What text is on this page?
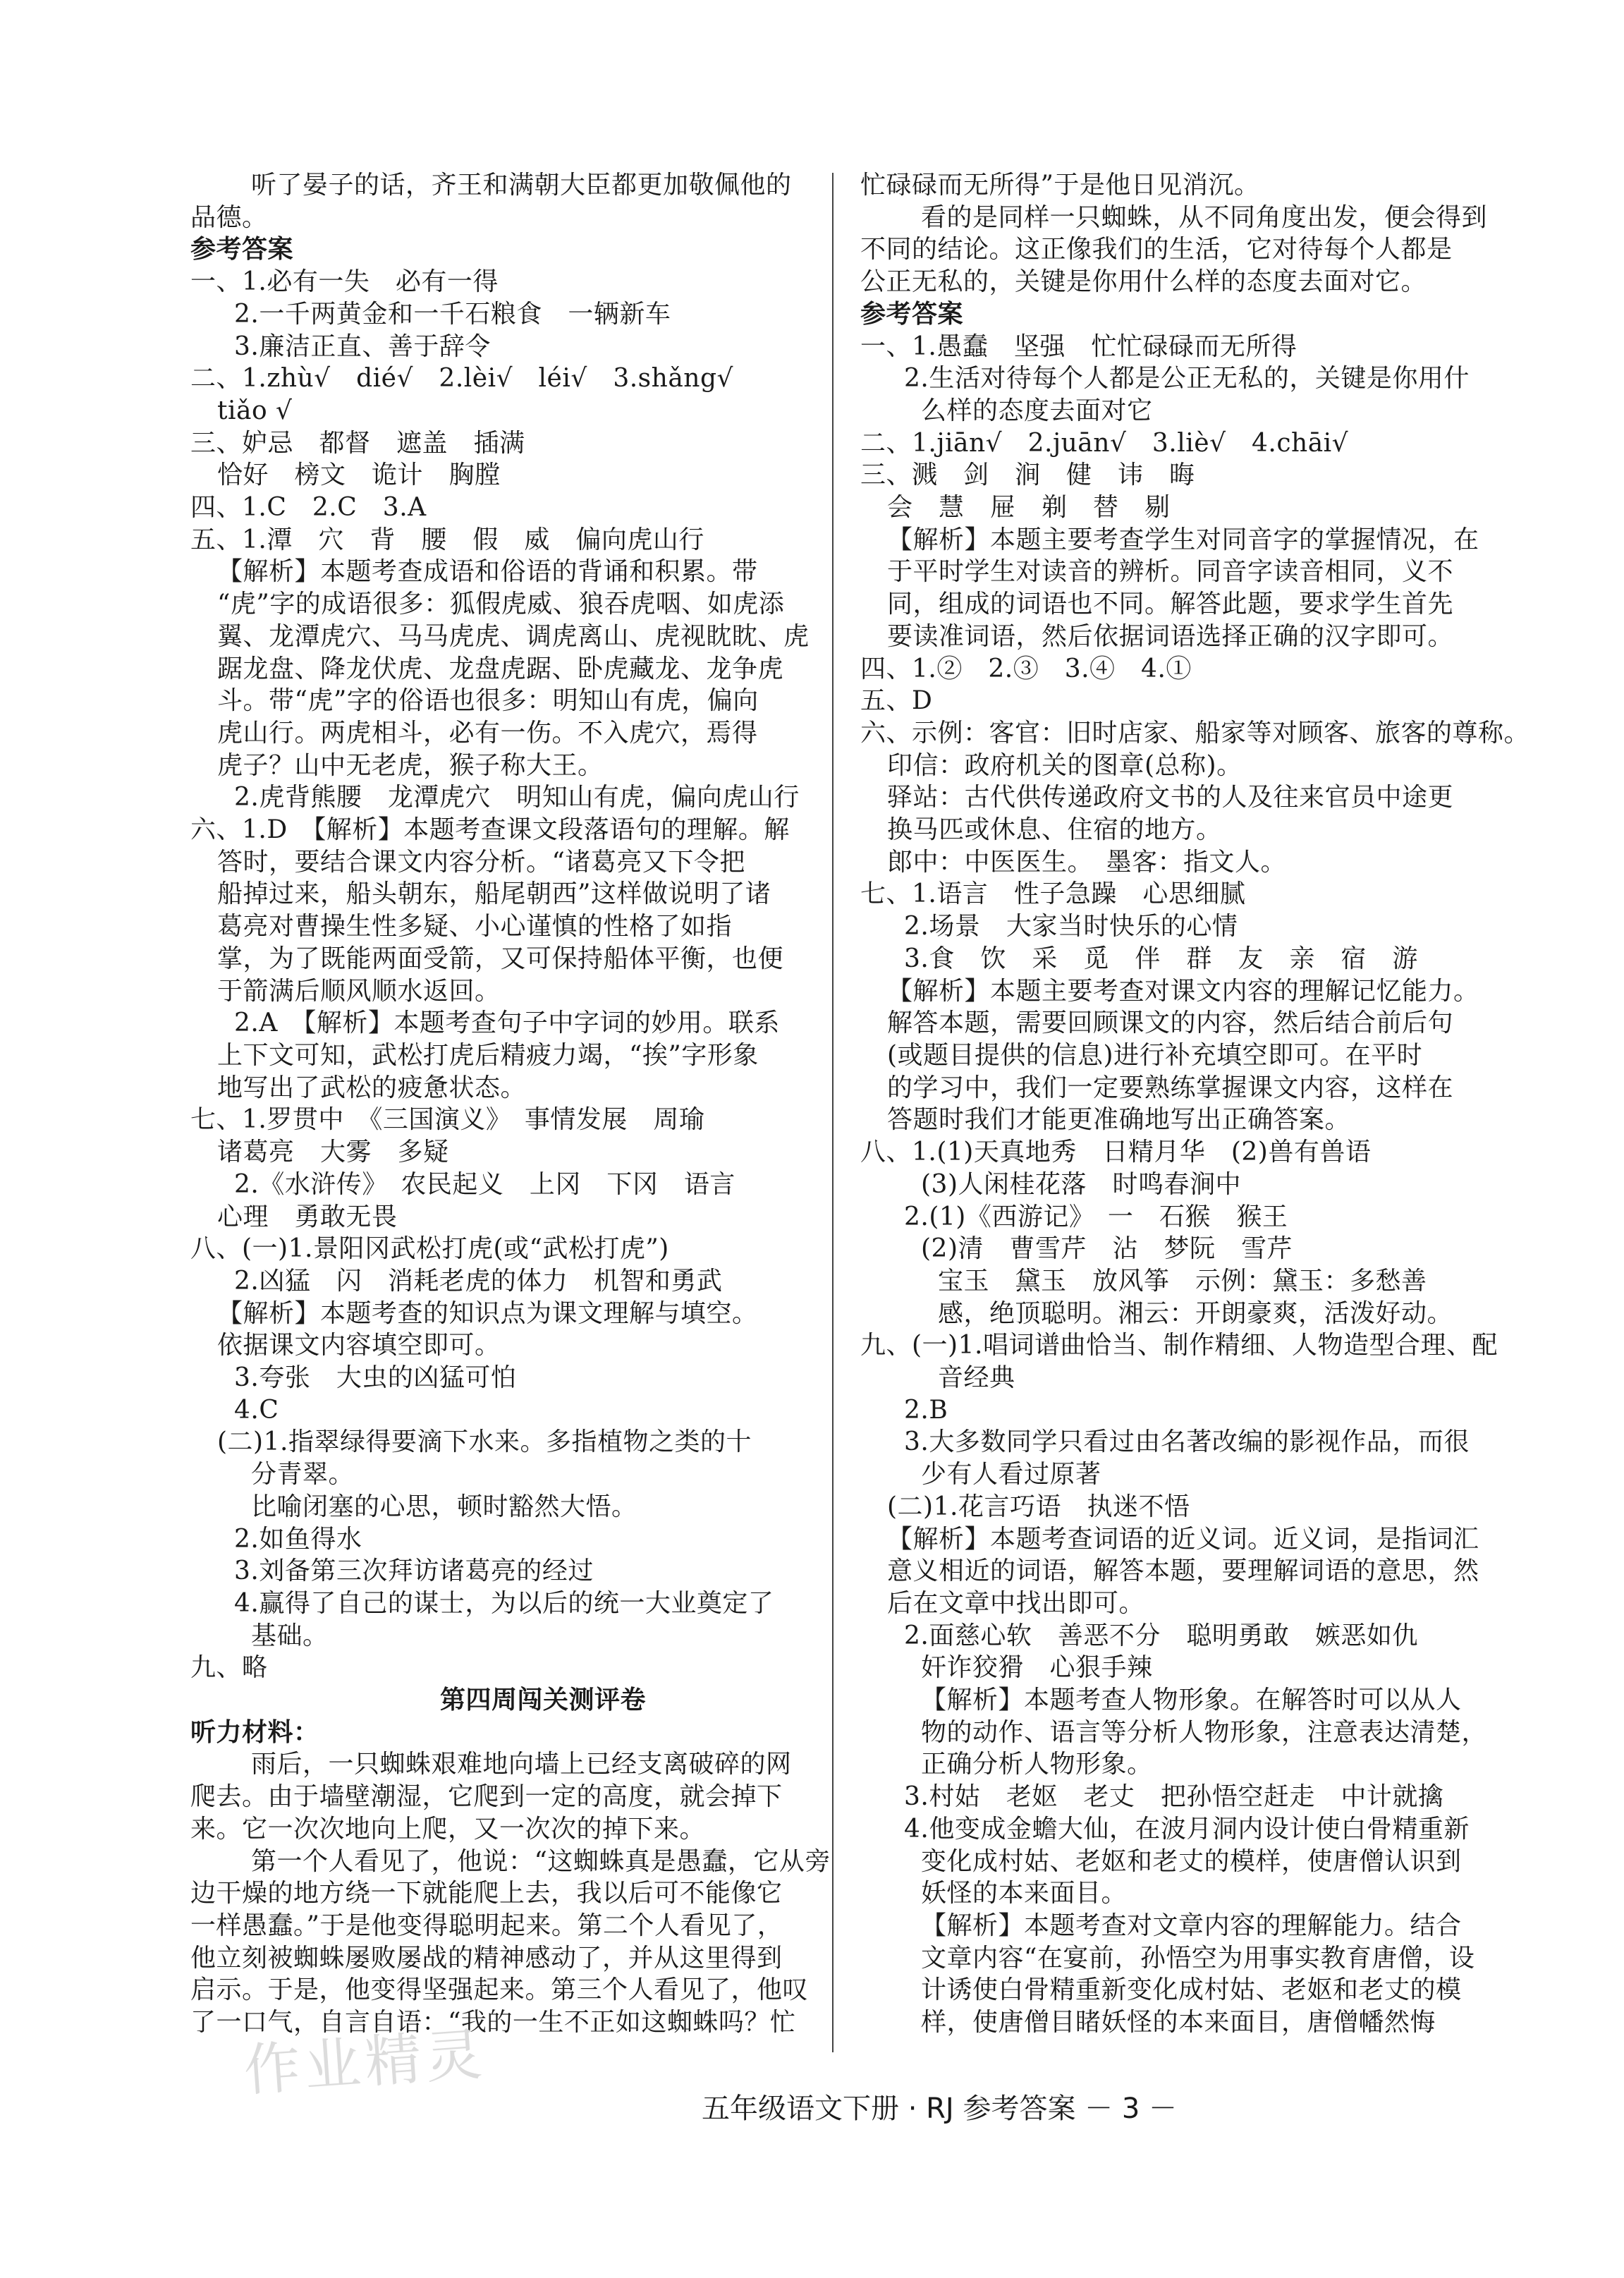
听了晏子的话，齐王和满朝大臣都更加敬佩他的
品德。
参考答案
一、1.必有一失　必有一得
2.一千两黄金和一千石粮食　一辆新车
3.廉洁正直、善于辞令
二、1.zhù√　dié√　2.lèi√　léi√　3.shǎng√
tiǎo √
三、妒忌　都督　遮盖　插满
恰好　榜文　诡计　胸膛
四、1.C　2.C　3.A
五、1.潭　穴　背　腰　假　威　偏向虎山行
【解析】本题考查成语和俗语的背诵和积累。带
“虎”字的成语很多：狐假虎威、狼吞虎咽、如虎添
翼、龙潭虎穴、马马虎虎、调虎离山、虎视眈眈、虎
踞龙盘、降龙伏虎、龙盘虎踞、卧虎藏龙、龙争虎
斗。带“虎”字的俗语也很多：明知山有虎，偏向
虎山行。两虎相斗，必有一伤。不入虎穴，焉得
虎子？山中无老虎，猴子称大王。
2.虎背熊腰　龙潭虎穴　明知山有虎，偏向虎山行
六、1.D　【解析】本题考查课文段落语句的理解。解
答时，要结合课文内容分析。“诸葛亮又下令把
船掉过来，船头朝东，船尾朝西”这样做说明了诸
葛亮对曹操生性多疑、小心谨慎的性格了如指
掌，为了既能两面受箭，又可保持船体平衡，也便
于箭满后顺风顺水返回。
2.A　【解析】本题考查句子中字词的妙用。联系
上下文可知，武松打虎后精疲力竭，“挨”字形象
地写出了武松的疲惫状态。
七、1.罗贯中　《三国演义》　事情发展　周瑜
诸葛亮　大雾　多疑
2.《水浒传》　农民起义　上冈　下冈　语言
心理　勇敢无畏
八、(一)1.景阳冈武松打虎(或“武松打虎”)
2.凶猛　闪　消耗老虎的体力　机智和勇武
【解析】本题考查的知识点为课文理解与填空。
依据课文内容填空即可。
3.夸张　大虫的凶猛可怕
4.C
(二)1.指翠绿得要滴下水来。多指植物之类的十
分青翠。
比喻闭塞的心思，顿时豁然大悟。
2.如鱼得水
3.刘备第三次拜访诸葛亮的经过
4.赢得了自己的谋士，为以后的统一大业奠定了
基础。
九、略
第四周闯关测评卷
听力材料：
雨后，一只蜘蛛艰难地向墙上已经支离破碎的网
爬去。由于墙壁潮湿，它爬到一定的高度，就会掉下
来。它一次次地向上爬，又一次次的掉下来。
第一个人看见了，他说：“这蜘蛛真是愚蠢，它从旁
边干燥的地方绕一下就能爬上去，我以后可不能像它
一样愚蠢。”于是他变得聪明起来。第二个人看见了，
他立刻被蜘蛛屡败屡战的精神感动了，并从这里得到
启示。于是，他变得坚强起来。第三个人看见了，他叹
了一口气，自言自语：“我的一生不正如这蜘蛛吗？忙
忙碌碌而无所得”于是他日见消沉。
看的是同样一只蜘蛛，从不同角度出发，便会得到
不同的结论。这正像我们的生活，它对待每个人都是
公正无私的，关键是你用什么样的态度去面对它。
参考答案
一、1.愚蠢　坚强　忙忙碌碌而无所得
2.生活对待每个人都是公正无私的，关键是你用什
么样的态度去面对它
二、1.jiān√　2.juān√　3.liè√　4.chāi√
三、溅　剑　涧　健　讳　晦
会　慧　屉　剃　替　剔
【解析】本题主要考查学生对同音字的掌握情况，在
于平时学生对读音的辨析。同音字读音相同，义不
同，组成的词语也不同。解答此题，要求学生首先
要读准词语，然后依据词语选择正确的汉字即可。
四、1.②　2.③　3.④　4.①
五、D
六、示例：客官：旧时店家、船家等对顾客、旅客的尊称。
印信：政府机关的图章(总称)。
驿站：古代供传递政府文书的人及往来官员中途更
换马匹或休息、住宿的地方。
郎中：中医医生。　墨客：指文人。
七、1.语言　性子急躁　心思细腻
2.场景　大家当时快乐的心情
3.食　饮　采　觅　伴　群　友　亲　宿　游
【解析】本题主要考查对课文内容的理解记忆能力。
解答本题，需要回顾课文的内容，然后结合前后句
(或题目提供的信息)进行补充填空即可。在平时
的学习中，我们一定要熟练掌握课文内容，这样在
答题时我们才能更准确地写出正确答案。
八、1.(1)天真地秀　日精月华　(2)兽有兽语
(3)人闲桂花落　时鸣春涧中
2.(1)《西游记》　一　石猴　猴王
(2)清　曹雪芹　沾　梦阮　雪芹
宝玉　黛玉　放风筝　示例：黛玉：多愁善
感，绝顶聪明。湘云：开朗豪爽，活泼好动。
九、(一)1.唱词谱曲恰当、制作精细、人物造型合理、配
音经典
2.B
3.大多数同学只看过由名著改编的影视作品，而很
少有人看过原著
(二)1.花言巧语　执迷不悟
【解析】本题考查词语的近义词。近义词，是指词汇
意义相近的词语，解答本题，要理解词语的意思，然
后在文章中找出即可。
2.面慈心软　善恶不分　聪明勇敢　嫉恶如仇
奸诈狡猾　心狠手辣
【解析】本题考查人物形象。在解答时可以从人
物的动作、语言等分析人物形象，注意表达清楚，
正确分析人物形象。
3.村姑　老妪　老丈　把孙悟空赶走　中计就擒
4.他变成金蟾大仙，在波月洞内设计使白骨精重新
变化成村姑、老妪和老丈的模样，使唐僧认识到
妖怪的本来面目。
【解析】本题考查对文章内容的理解能力。结合
文章内容“在宴前，孙悟空为用事实教育唐僧，设
计诱使白骨精重新变化成村姑、老妪和老丈的模
样，使唐僧目睹妖怪的本来面目，唐僧幡然悔
作业精灵
五年级语文下册 · RJ 参考答案 － 3 －
